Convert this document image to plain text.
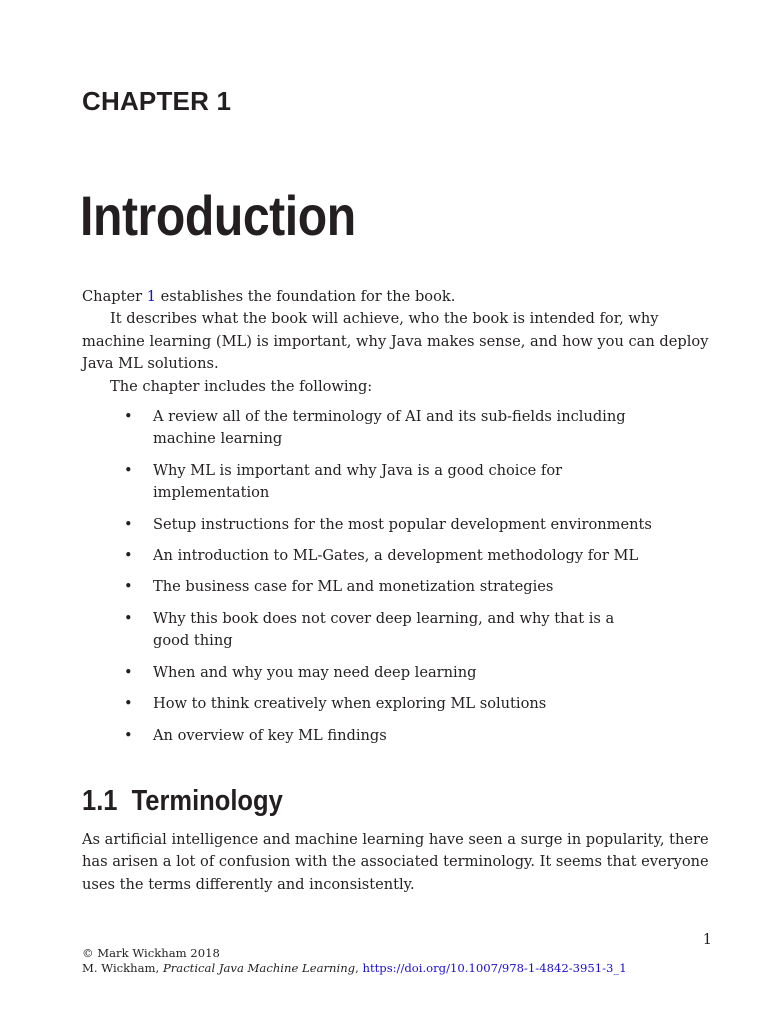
CHAPTER 1
Introduction

Chapter 1 establishes the foundation for the book.

It describes what the book will achieve, who the book is intended for, why machine learning (ML) is important, why Java makes sense, and how you can deploy Java ML solutions.

The chapter includes the following:

• A review all of the terminology of AI and its sub-fields including machine learning
• Why ML is important and why Java is a good choice for implementation
• Setup instructions for the most popular development environments
• An introduction to ML-Gates, a development methodology for ML
• The business case for ML and monetization strategies
• Why this book does not cover deep learning, and why that is a good thing
• When and why you may need deep learning
• How to think creatively when exploring ML solutions
• An overview of key ML findings
1.1 Terminology

As artificial intelligence and machine learning have seen a surge in popularity, there has arisen a lot of confusion with the associated terminology. It seems that everyone uses the terms differently and inconsistently.

1
© Mark Wickham 2018
M. Wickham, Practical Java Machine Learning, https://doi.org/10.1007/978-1-4842-3951-3_1
